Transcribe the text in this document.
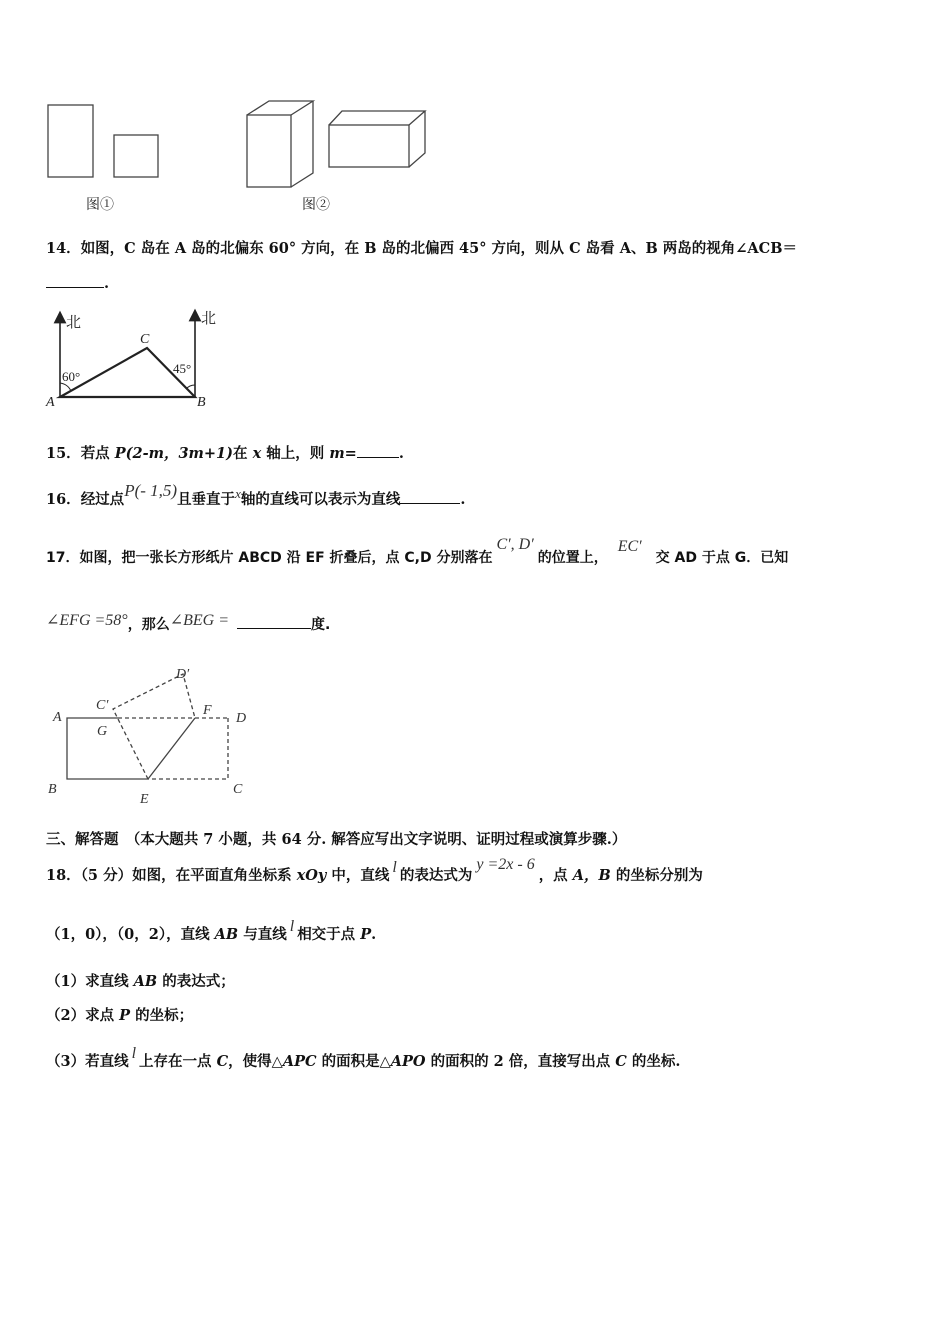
图①	图②
14．如图，C 岛在 A 岛的北偏东 60° 方向，在 B 岛的北偏西 45° 方向，则从 C 岛看 A、B 两岛的视角∠ACB＝
.
北	北
60°
45°
C
A	B
15．若点 P(2-m，3m+1)在 x 轴上，则 m=	.
16．经过点P(- 1,5)且垂直于x轴的直线可以表示为直线	.
17．如图，把一张长方形纸片 ABCD 沿 EF 折叠后，点 C,D 分别落在C′, D′的位置上，EC′交 AD 于点 G．已知
∠EFG =58°，那么∠BEG =	度.
A
B	C
D
E
F
G
C′
D′
三、解答题　（本大题共 7 小题，共 64 分. 解答应写出文字说明、证明过程或演算步骤.）
18．（5 分）如图，在平面直角坐标系 xOy 中，直线 l 的表达式为y =2x - 6，点 A，B 的坐标分别为
（1，0），（0，2），直线 AB 与直线 l 相交于点 P.
（1）求直线 AB 的表达式；
（2）求点 P 的坐标；
（3）若直线 l 上存在一点 C，使得△APC 的面积是△APO 的面积的 2 倍，直接写出点 C 的坐标.
